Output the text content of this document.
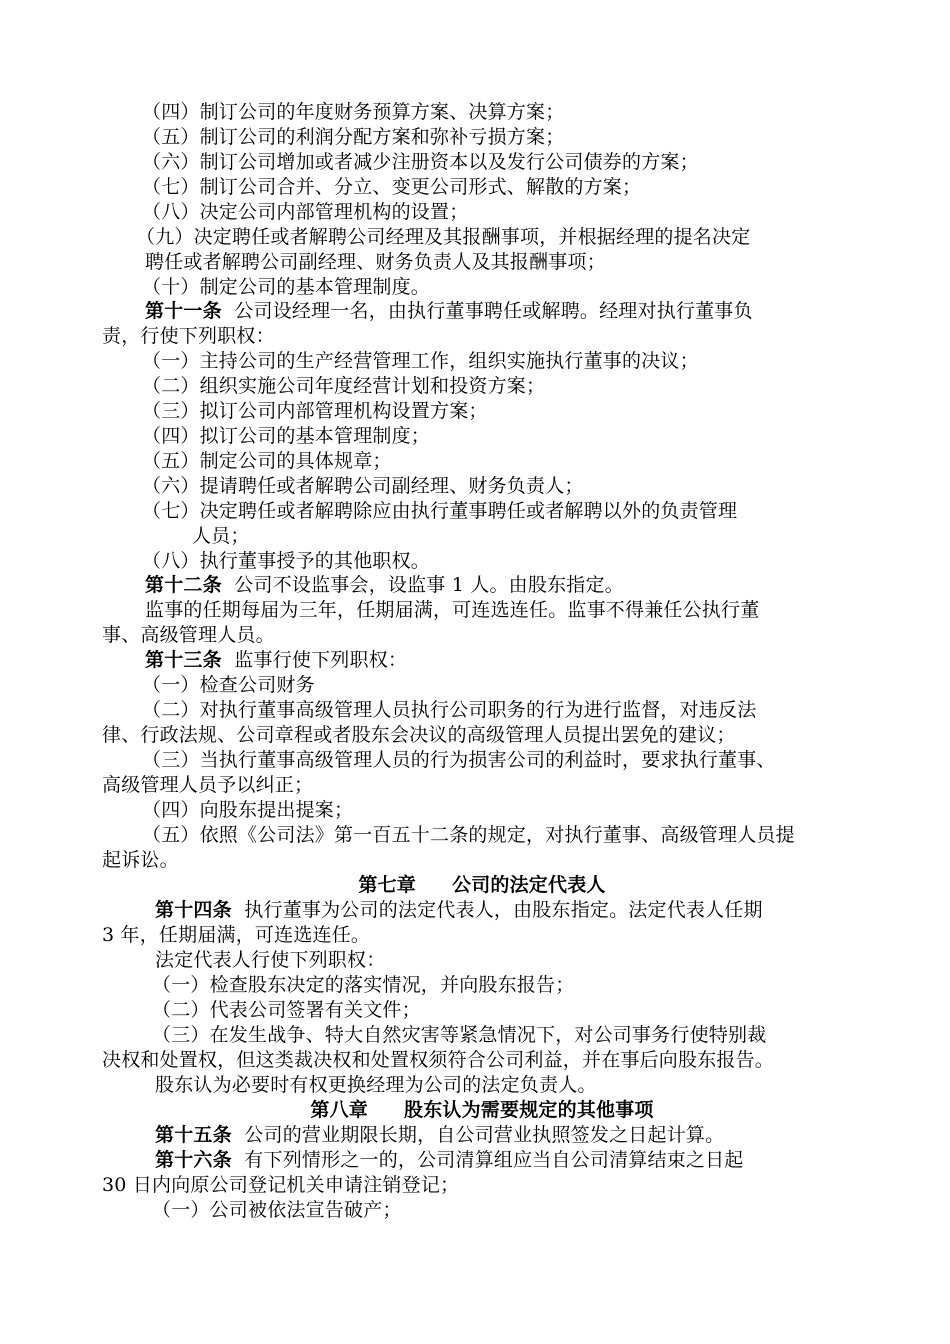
（四）制订公司的年度财务预算方案、决算方案；
（五）制订公司的利润分配方案和弥补亏损方案；
（六）制订公司增加或者减少注册资本以及发行公司债券的方案；
（七）制订公司合并、分立、变更公司形式、解散的方案；
（八）决定公司内部管理机构的设置；
（九）决定聘任或者解聘公司经理及其报酬事项，并根据经理的提名决定
聘任或者解聘公司副经理、财务负责人及其报酬事项；
（十）制定公司的基本管理制度。
第十一条 公司设经理一名，由执行董事聘任或解聘。经理对执行董事负
责，行使下列职权：
（一）主持公司的生产经营管理工作，组织实施执行董事的决议；
（二）组织实施公司年度经营计划和投资方案；
（三）拟订公司内部管理机构设置方案；
（四）拟订公司的基本管理制度；
（五）制定公司的具体规章；
（六）提请聘任或者解聘公司副经理、财务负责人；
（七）决定聘任或者解聘除应由执行董事聘任或者解聘以外的负责管理
人员；
（八）执行董事授予的其他职权。
第十二条 公司不设监事会，设监事 1 人。由股东指定。
监事的任期每届为三年，任期届满，可连选连任。监事不得兼任公执行董
事、高级管理人员。
第十三条 监事行使下列职权：
（一）检查公司财务
（二）对执行董事高级管理人员执行公司职务的行为进行监督，对违反法
律、行政法规、公司章程或者股东会决议的高级管理人员提出罢免的建议；
（三）当执行董事高级管理人员的行为损害公司的利益时，要求执行董事、
高级管理人员予以纠正；
（四）向股东提出提案；
（五）依照《公司法》第一百五十二条的规定，对执行董事、高级管理人员提
起诉讼。
第七章 公司的法定代表人
第十四条 执行董事为公司的法定代表人，由股东指定。法定代表人任期
3 年，任期届满，可连选连任。
法定代表人行使下列职权：
（一）检查股东决定的落实情况，并向股东报告；
（二）代表公司签署有关文件；
（三）在发生战争、特大自然灾害等紧急情况下，对公司事务行使特别裁
决权和处置权，但这类裁决权和处置权须符合公司利益，并在事后向股东报告。
股东认为必要时有权更换经理为公司的法定负责人。
第八章 股东认为需要规定的其他事项
第十五条 公司的营业期限长期，自公司营业执照签发之日起计算。
第十六条 有下列情形之一的，公司清算组应当自公司清算结束之日起
30 日内向原公司登记机关申请注销登记；
（一）公司被依法宣告破产；
